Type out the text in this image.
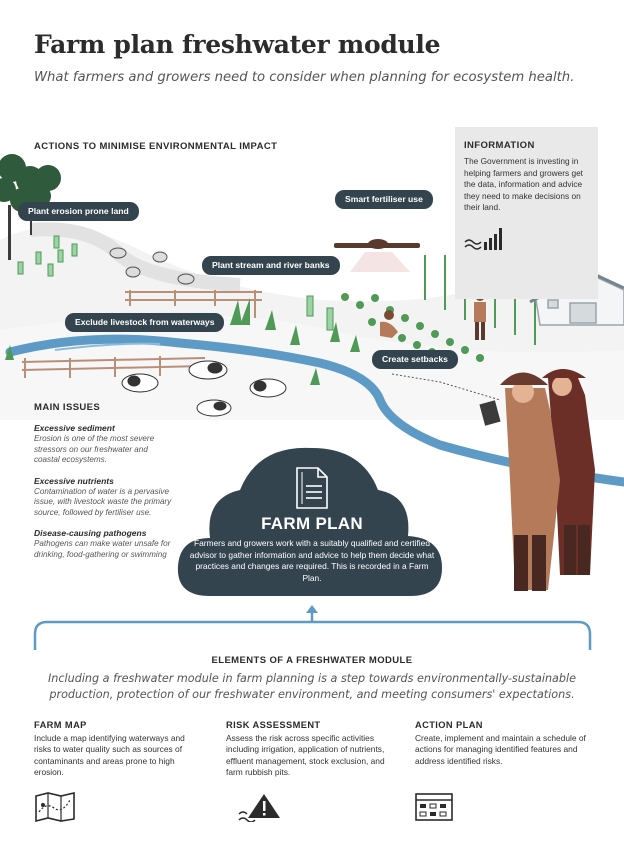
Farm plan freshwater module
What farmers and growers need to consider when planning for ecosystem health.
ACTIONS TO MINIMISE ENVIRONMENTAL IMPACT
Plant erosion prone land
Smart fertiliser use
Plant stream and river banks
Exclude livestock from waterways
Create setbacks
INFORMATION
The Government is investing in helping farmers and growers get the data, information and advice they need to make decisions on their land.
MAIN ISSUES
Excessive sediment
Erosion is one of the most severe stressors on our freshwater and coastal ecosystems.
Excessive nutrients
Contamination of water is a pervasive issue, with livestock waste the primary source, followed by fertiliser use.
Disease-causing pathogens
Pathogens can make water unsafe for drinking, food-gathering or swimming
FARM PLAN
Farmers and growers work with a suitably qualified and certified advisor to gather information and advice to help them decide what practices and changes are required. This is recorded in a Farm Plan.
ELEMENTS OF A FRESHWATER MODULE
Including a freshwater module in farm planning is a step towards environmentally-sustainable production, protection of our freshwater environment, and meeting consumers' expectations.
FARM MAP
Include a map identifying waterways and risks to water quality such as sources of contaminants and areas prone to high erosion.
RISK ASSESSMENT
Assess the risk across specific activities including irrigation, application of nutrients, effluent management, stock exclusion, and farm rubbish pits.
ACTION PLAN
Create, implement and maintain a schedule of actions for managing identified features and address identified risks.
